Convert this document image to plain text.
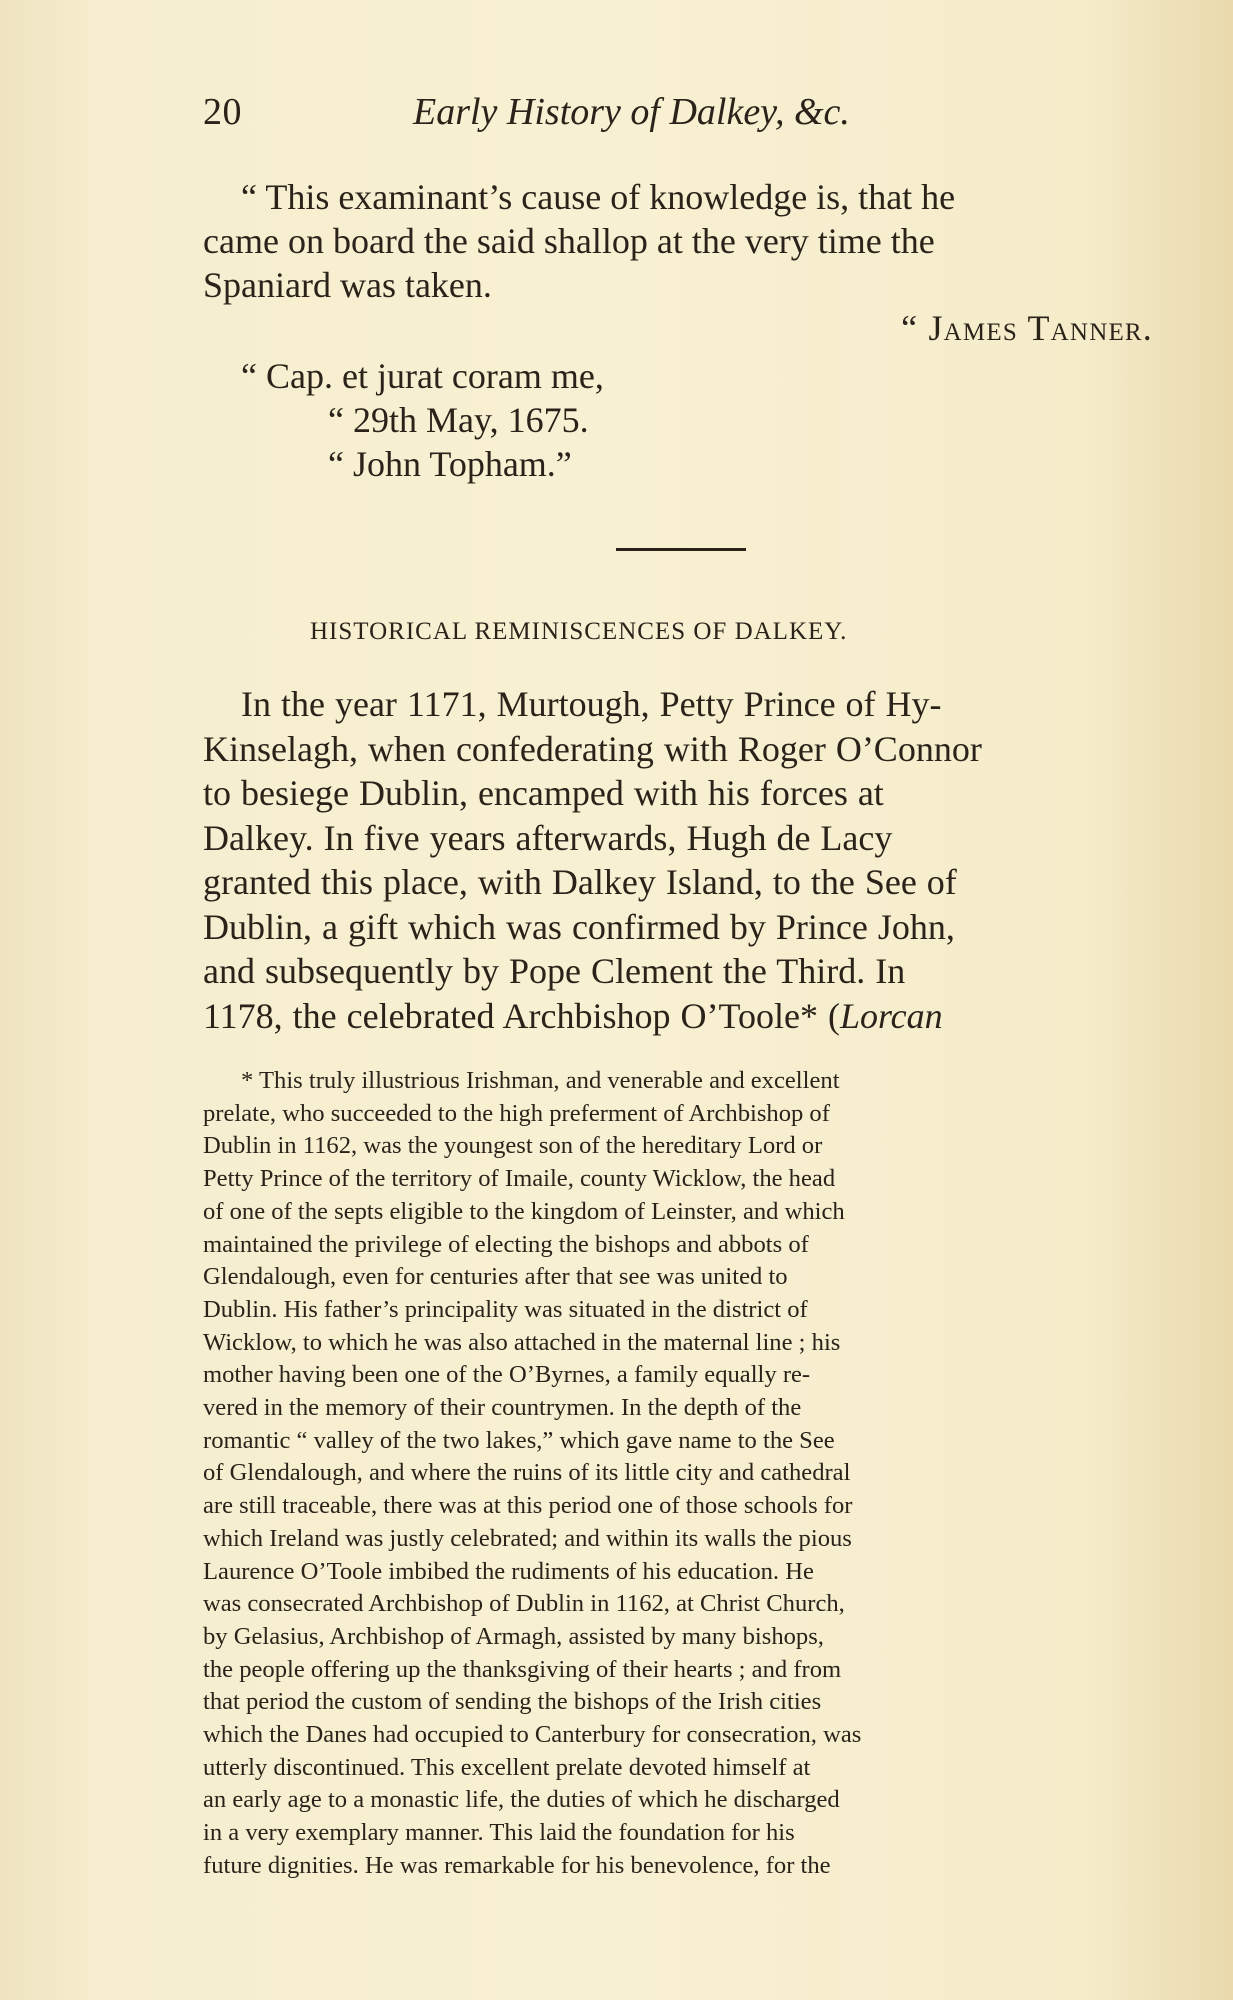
20	Early History of Dalkey, &c.
“ This examinant’s cause of knowledge is, that he
came on board the said shallop at the very time the
Spaniard was taken.
“ James Tanner.
“ Cap. et jurat coram me,
“ 29th May, 1675.
“ John Topham.”
HISTORICAL REMINISCENCES OF DALKEY.
In the year 1171, Murtough, Petty Prince of Hy-
Kinselagh, when confederating with Roger O’Connor
to besiege Dublin, encamped with his forces at
Dalkey. In five years afterwards, Hugh de Lacy
granted this place, with Dalkey Island, to the See of
Dublin, a gift which was confirmed by Prince John,
and subsequently by Pope Clement the Third. In
1178, the celebrated Archbishop O’Toole* (Lorcan
* This truly illustrious Irishman, and venerable and excellent
prelate, who succeeded to the high preferment of Archbishop of
Dublin in 1162, was the youngest son of the hereditary Lord or
Petty Prince of the territory of Imaile, county Wicklow, the head
of one of the septs eligible to the kingdom of Leinster, and which
maintained the privilege of electing the bishops and abbots of
Glendalough, even for centuries after that see was united to
Dublin. His father’s principality was situated in the district of
Wicklow, to which he was also attached in the maternal line ; his
mother having been one of the O’Byrnes, a family equally re-
vered in the memory of their countrymen. In the depth of the
romantic “ valley of the two lakes,” which gave name to the See
of Glendalough, and where the ruins of its little city and cathedral
are still traceable, there was at this period one of those schools for
which Ireland was justly celebrated; and within its walls the pious
Laurence O’Toole imbibed the rudiments of his education. He
was consecrated Archbishop of Dublin in 1162, at Christ Church,
by Gelasius, Archbishop of Armagh, assisted by many bishops,
the people offering up the thanksgiving of their hearts ; and from
that period the custom of sending the bishops of the Irish cities
which the Danes had occupied to Canterbury for consecration, was
utterly discontinued. This excellent prelate devoted himself at
an early age to a monastic life, the duties of which he discharged
in a very exemplary manner. This laid the foundation for his
future dignities. He was remarkable for his benevolence, for the
